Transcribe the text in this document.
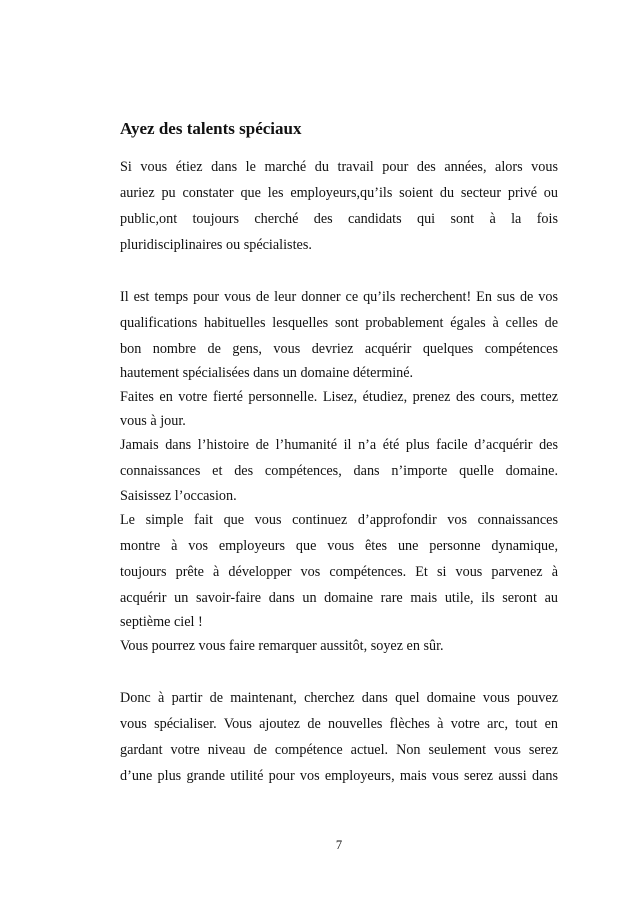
Ayez des talents spéciaux
Si vous étiez dans le marché du travail pour des années, alors vous
auriez pu constater que les employeurs,qu’ils soient du secteur privé ou
public,ont toujours cherché des candidats qui sont à la fois
pluridisciplinaires ou spécialistes.
Il est temps pour vous de leur donner ce qu’ils recherchent! En sus de vos
qualifications habituelles lesquelles sont probablement égales à celles de
bon nombre de gens, vous devriez acquérir quelques compétences
hautement spécialisées dans un domaine déterminé.
Faites en votre fierté personnelle. Lisez, étudiez, prenez des cours, mettez
vous à jour.
Jamais dans l’histoire de l’humanité il n’a été plus facile d’acquérir des
connaissances et des compétences, dans n’importe quelle domaine.
Saisissez l’occasion.
Le simple fait que vous continuez d’approfondir vos connaissances
montre à vos employeurs que vous êtes une personne dynamique,
toujours prête à développer vos compétences. Et si vous parvenez à
acquérir un savoir-faire dans un domaine rare mais utile, ils seront au
septième ciel !
Vous pourrez vous faire remarquer aussitôt, soyez en sûr.
Donc à partir de maintenant, cherchez dans quel domaine vous pouvez
vous spécialiser. Vous ajoutez de nouvelles flèches à votre arc, tout en
gardant votre niveau de compétence actuel. Non seulement vous serez
d’une plus grande utilité pour vos employeurs, mais vous serez aussi dans
7
